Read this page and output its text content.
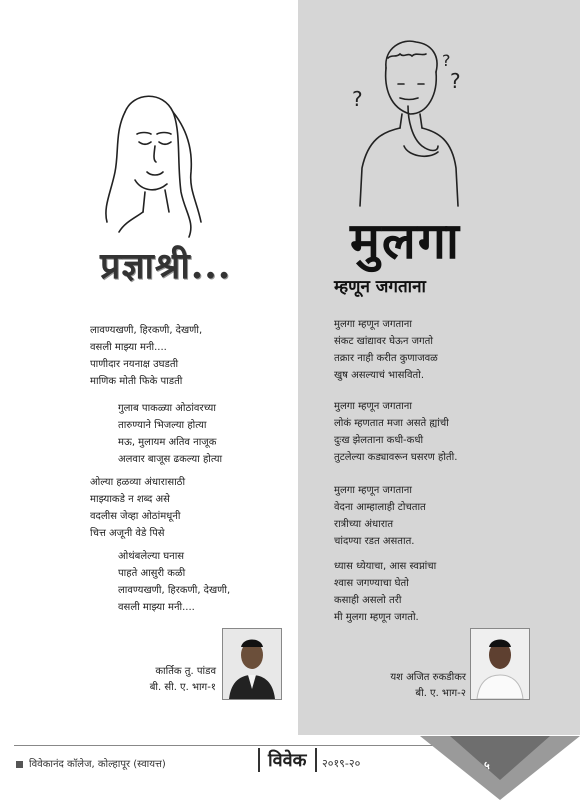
?
?
?
प्रज्ञाश्री...	मुलगा
म्हणून जगताना

लावण्यखणी, हिरकणी, देखणी,

वसली माझ्या मनी....

पाणीदार नयनाक्ष उघडती

माणिक मोती फिके पाडती

गुलाब पाकळ्या ओठांवरच्या

तारुण्याने भिजल्या होत्या

मऊ, मुलायम अतिव नाजूक

अलवार बाजूस ढकल्या होत्या

ओल्या हळव्या अंधारासाठी

माझ्याकडे न शब्द असे

वदलीस जेव्हा ओठांमधूनी

चित्त अजूनी वेडे पिसे

ओथंबलेल्या घनास

पाहते आसुरी कळी

लावण्यखणी, हिरकणी, देखणी,

वसली माझ्या मनी....

मुलगा म्हणून जगताना

संकट खांद्यावर घेऊन जगतो

तक्रार नाही करीत कुणाजवळ

खुष असल्याचं भासवितो.

मुलगा म्हणून जगताना

लोकं म्हणतात मजा असते ह्यांची

दुःख झेलताना कधी-कधी

तुटलेल्या कड्यावरून घसरण होती.

मुलगा म्हणून जगताना

वेदना आम्हालाही टोचतात

रात्रीच्या अंधारात

चांदण्या रडत असतात.

ध्यास ध्येयाचा, आस स्वप्नांचा

श्वास जगण्याचा घेतो

कसाही असलो तरी

मी मुलगा म्हणून जगतो.

कार्तिक तु. पांडव
बी. सी. ए. भाग-१
यश अजित रुकडीकर
बी. ए. भाग-२
विवेकानंद कॉलेज, कोल्हापूर (स्वायत्त)	विवेक	२०१९-२०	५
